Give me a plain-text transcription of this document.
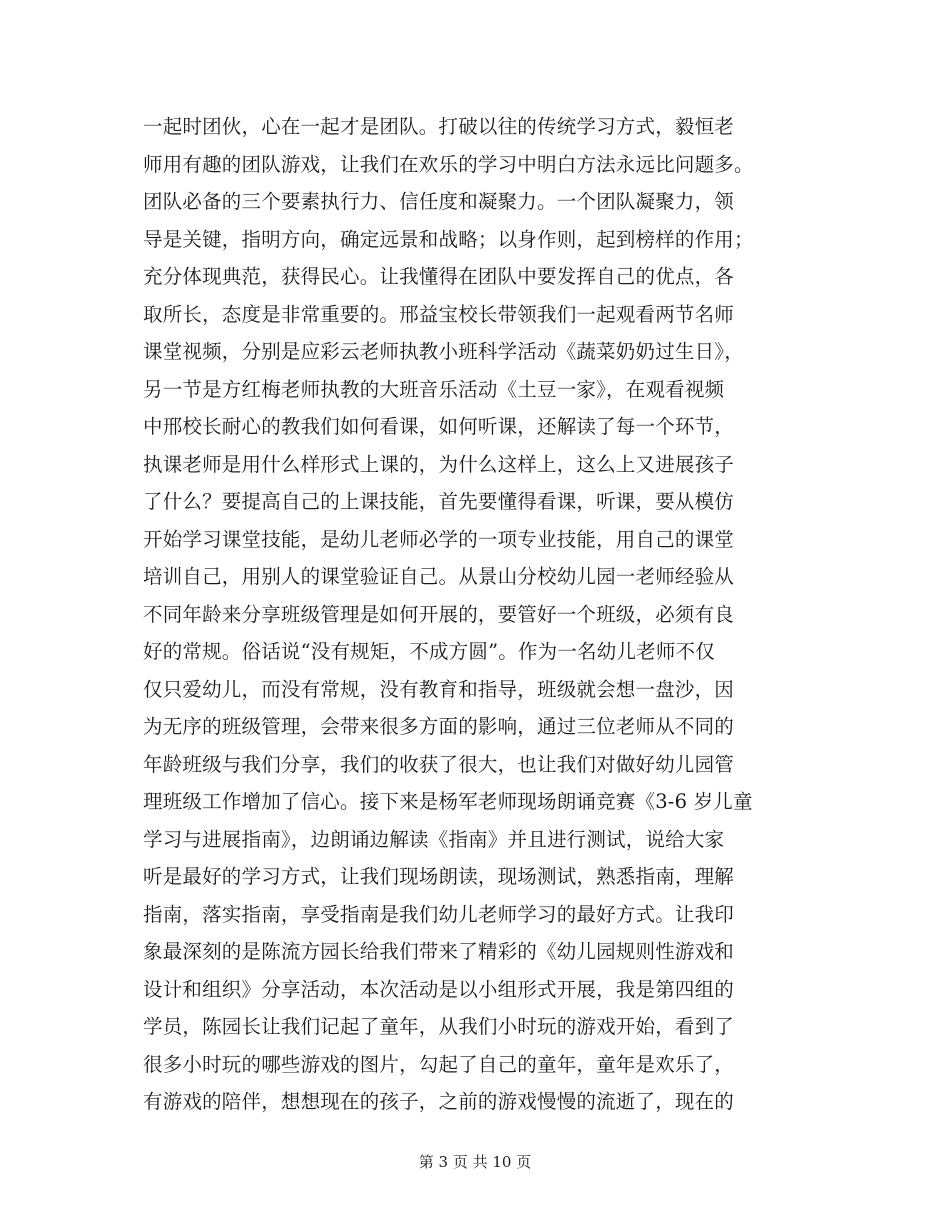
一起时团伙，心在一起才是团队。打破以往的传统学习方式，毅恒老
师用有趣的团队游戏，让我们在欢乐的学习中明白方法永远比问题多。
团队必备的三个要素执行力、信任度和凝聚力。一个团队凝聚力，领
导是关键，指明方向，确定远景和战略；以身作则，起到榜样的作用；
充分体现典范，获得民心。让我懂得在团队中要发挥自己的优点，各
取所长，态度是非常重要的。邢益宝校长带领我们一起观看两节名师
课堂视频，分别是应彩云老师执教小班科学活动《蔬菜奶奶过生日》，
另一节是方红梅老师执教的大班音乐活动《土豆一家》，在观看视频
中邢校长耐心的教我们如何看课，如何听课，还解读了每一个环节，
执课老师是用什么样形式上课的，为什么这样上，这么上又进展孩子
了什么？要提高自己的上课技能，首先要懂得看课，听课，要从模仿
开始学习课堂技能，是幼儿老师必学的一项专业技能，用自己的课堂
培训自己，用别人的课堂验证自己。从景山分校幼儿园一老师经验从
不同年龄来分享班级管理是如何开展的，要管好一个班级，必须有良
好的常规。俗话说“没有规矩，不成方圆”。作为一名幼儿老师不仅
仅只爱幼儿，而没有常规，没有教育和指导，班级就会想一盘沙，因
为无序的班级管理，会带来很多方面的影响，通过三位老师从不同的
年龄班级与我们分享，我们的收获了很大，也让我们对做好幼儿园管
理班级工作增加了信心。接下来是杨军老师现场朗诵竞赛《3-6 岁儿童
学习与进展指南》，边朗诵边解读《指南》并且进行测试，说给大家
听是最好的学习方式，让我们现场朗读，现场测试，熟悉指南，理解
指南，落实指南，享受指南是我们幼儿老师学习的最好方式。让我印
象最深刻的是陈流方园长给我们带来了精彩的《幼儿园规则性游戏和
设计和组织》分享活动，本次活动是以小组形式开展，我是第四组的
学员，陈园长让我们记起了童年，从我们小时玩的游戏开始，看到了
很多小时玩的哪些游戏的图片，勾起了自己的童年，童年是欢乐了，
有游戏的陪伴，想想现在的孩子，之前的游戏慢慢的流逝了，现在的
第 3 页 共 10 页
